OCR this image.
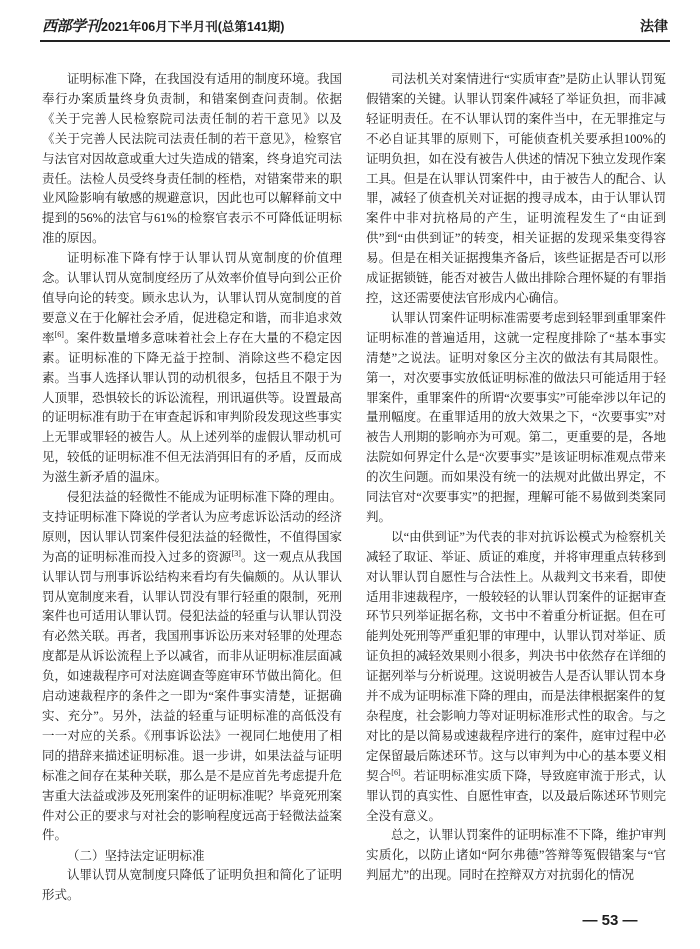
西部学刊2021年06月下半月刊(总第141期)	法律

证明标准下降，在我国没有适用的制度环境。我国奉行办案质量终身负责制，和错案倒查问责制。依据《关于完善人民检察院司法责任制的若干意见》以及《关于完善人民法院司法责任制的若干意见》，检察官与法官对因故意或重大过失造成的错案，终身追究司法责任。法检人员受终身责任制的桎梏，对错案带来的职业风险影响有敏感的规避意识，因此也可以解释前文中提到的56%的法官与61%的检察官表示不可降低证明标准的原因。

证明标准下降有悖于认罪认罚从宽制度的价值理念。认罪认罚从宽制度经历了从效率价值导向到公正价值导向论的转变。顾永忠认为，认罪认罚从宽制度的首要意义在于化解社会矛盾，促进稳定和谐，而非追求效率[6]。案件数量增多意味着社会上存在大量的不稳定因素。证明标准的下降无益于控制、消除这些不稳定因素。当事人选择认罪认罚的动机很多，包括且不限于为人顶罪，恐惧较长的诉讼流程，刑讯逼供等。设置最高的证明标准有助于在审查起诉和审判阶段发现这些事实上无罪或罪轻的被告人。从上述列举的虚假认罪动机可见，较低的证明标准不但无法消弭旧有的矛盾，反而成为滋生新矛盾的温床。

侵犯法益的轻微性不能成为证明标准下降的理由。支持证明标准下降说的学者认为应考虑诉讼活动的经济原则，因认罪认罚案件侵犯法益的轻微性，不值得国家为高的证明标准而投入过多的资源[3]。这一观点从我国认罪认罚与刑事诉讼结构来看均有失偏颇的。从认罪认罚从宽制度来看，认罪认罚没有罪行轻重的限制，死刑案件也可适用认罪认罚。侵犯法益的轻重与认罪认罚没有必然关联。再者，我国刑事诉讼历来对轻罪的处理态度都是从诉讼流程上予以减省，而非从证明标准层面减负，如速裁程序可对法庭调查等庭审环节做出简化。但启动速裁程序的条件之一即为“案件事实清楚，证据确实、充分”。另外，法益的轻重与证明标准的高低没有一一对应的关系。《刑事诉讼法》一视同仁地使用了相同的措辞来描述证明标准。退一步讲，如果法益与证明标准之间存在某种关联，那么是不是应首先考虑提升危害重大法益或涉及死刑案件的证明标准呢？毕竟死刑案件对公正的要求与对社会的影响程度远高于轻微法益案件。

（二）坚持法定证明标准

认罪认罚从宽制度只降低了证明负担和简化了证明形式。

司法机关对案情进行“实质审查”是防止认罪认罚冤假错案的关键。认罪认罚案件减轻了举证负担，而非减轻证明责任。在不认罪认罚的案件当中，在无罪推定与不必自证其罪的原则下，可能侦查机关要承担100%的证明负担，如在没有被告人供述的情况下独立发现作案工具。但是在认罪认罚案件中，由于被告人的配合、认罪，减轻了侦查机关对证据的搜寻成本，由于认罪认罚案件中非对抗格局的产生，证明流程发生了“由证到供”到“由供到证”的转变，相关证据的发现采集变得容易。但是在相关证据搜集齐备后，该些证据是否可以形成证据锁链，能否对被告人做出排除合理怀疑的有罪指控，这还需要使法官形成内心确信。

认罪认罚案件证明标准需要考虑到轻罪到重罪案件证明标准的普遍适用，这就一定程度排除了“基本事实清楚”之说法。证明对象区分主次的做法有其局限性。第一，对次要事实放低证明标准的做法只可能适用于轻罪案件，重罪案件的所谓“次要事实”可能牵涉以年记的量刑幅度。在重罪适用的放大效果之下，“次要事实”对被告人刑期的影响亦为可观。第二，更重要的是，各地法院如何界定什么是“次要事实”是该证明标准观点带来的次生问题。而如果没有统一的法规对此做出界定，不同法官对“次要事实”的把握，理解可能不易做到类案同判。

以“由供到证”为代表的非对抗诉讼模式为检察机关减轻了取证、举证、质证的难度，并将审理重点转移到对认罪认罚自愿性与合法性上。从裁判文书来看，即使适用非速裁程序，一般较轻的认罪认罚案件的证据审查环节只列举证据名称，文书中不着重分析证据。但在可能判处死刑等严重犯罪的审理中，认罪认罚对举证、质证负担的减轻效果则小很多，判决书中依然存在详细的证据列举与分析说理。这说明被告人是否认罪认罚本身并不成为证明标准下降的理由，而是法律根据案件的复杂程度，社会影响力等对证明标准形式性的取舍。与之对比的是以简易或速裁程序进行的案件，庭审过程中必定保留最后陈述环节。这与以审判为中心的基本要义相契合[6]。若证明标准实质下降，导致庭审流于形式，认罪认罚的真实性、自愿性审查，以及最后陈述环节则完全没有意义。

总之，认罪认罚案件的证明标准不下降，维护审判实质化，以防止诸如“阿尔弗德”答辩等冤假错案与“官判屈尤”的出现。同时在控辩双方对抗弱化的情况

— 53 —
